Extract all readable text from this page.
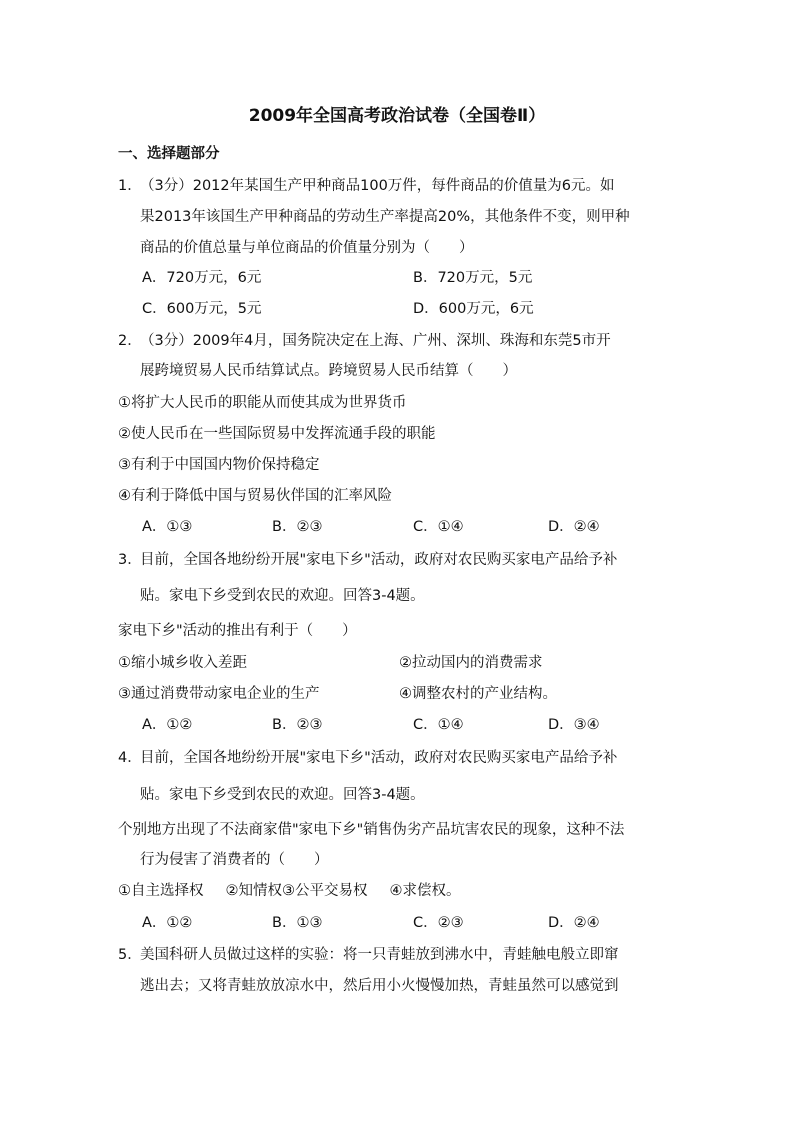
2009年全国高考政治试卷（全国卷Ⅱ）
一、选择题部分
1．（3分）2012年某国生产甲种商品100万件，每件商品的价值量为6元。如
果2013年该国生产甲种商品的劳动生产率提高20%，其他条件不变，则甲种
商品的价值总量与单位商品的价值量分别为（　　）
A．720万元，6元	B．720万元，5元
C．600万元，5元	D．600万元，6元
2．（3分）2009年4月，国务院决定在上海、广州、深圳、珠海和东莞5市开
展跨境贸易人民币结算试点。跨境贸易人民币结算（　　）
①将扩大人民币的职能从而使其成为世界货币
②使人民币在一些国际贸易中发挥流通手段的职能
③有利于中国国内物价保持稳定
④有利于降低中国与贸易伙伴国的汇率风险
A．①③	B．②③	C．①④	D．②④
3．目前，全国各地纷纷开展"家电下乡"活动，政府对农民购买家电产品给予补
贴。家电下乡受到农民的欢迎。回答3-4题。
家电下乡"活动的推出有利于（　　）
①缩小城乡收入差距	②拉动国内的消费需求
③通过消费带动家电企业的生产	④调整农村的产业结构。
A．①②	B．②③	C．①④	D．③④
4．目前，全国各地纷纷开展"家电下乡"活动，政府对农民购买家电产品给予补
贴。家电下乡受到农民的欢迎。回答3-4题。
个别地方出现了不法商家借"家电下乡"销售伪劣产品坑害农民的现象，这种不法
行为侵害了消费者的（　　）
①自主选择权 ②知情权③公平交易权 ④求偿权。
A．①②	B．①③	C．②③	D．②④
5．美国科研人员做过这样的实验：将一只青蛙放到沸水中，青蛙触电般立即窜
逃出去；又将青蛙放放凉水中，然后用小火慢慢加热，青蛙虽然可以感觉到
